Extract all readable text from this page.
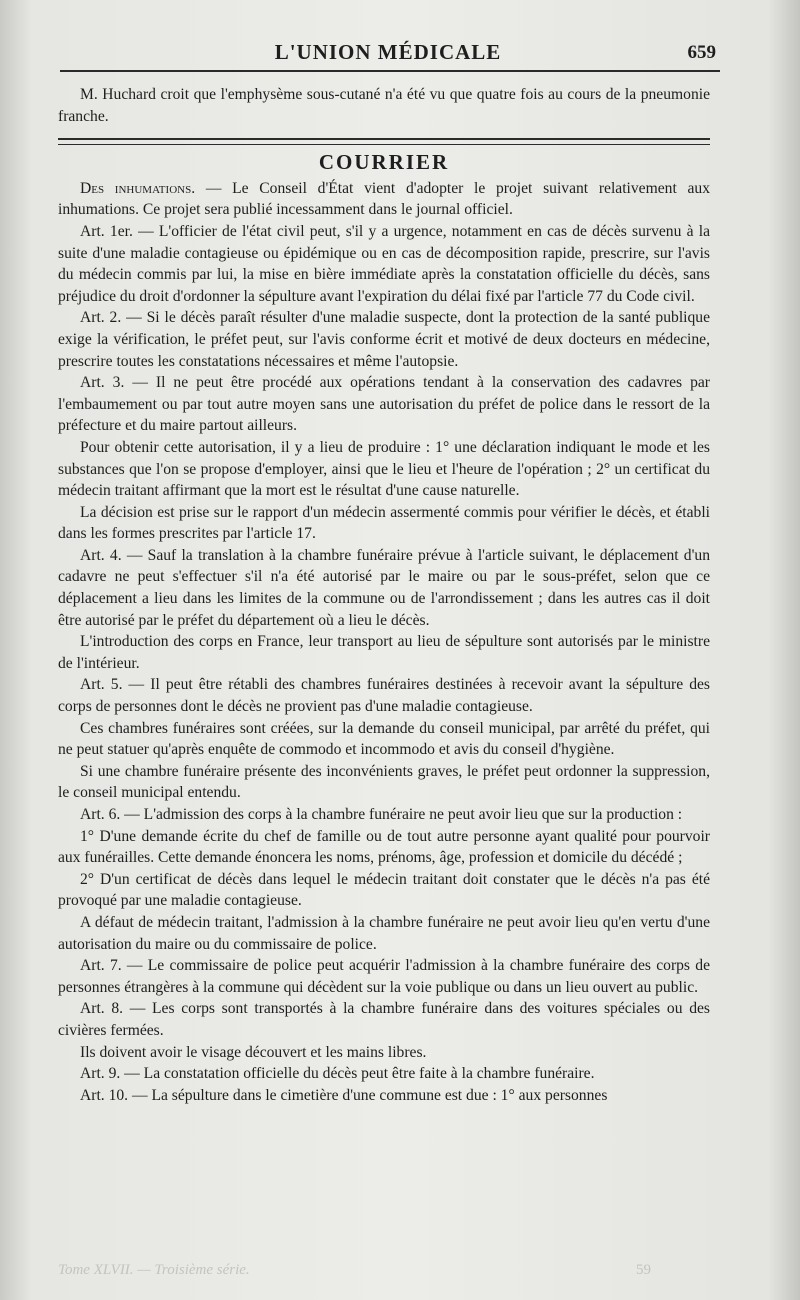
L'UNION MÉDICALE	659

M. Huchard croit que l'emphysème sous-cutané n'a été vu que quatre fois au cours de la pneumonie franche.

COURRIER

Des inhumations. — Le Conseil d'État vient d'adopter le projet suivant relativement aux inhumations. Ce projet sera publié incessamment dans le journal officiel.

Art. 1er. — L'officier de l'état civil peut, s'il y a urgence, notamment en cas de décès survenu à la suite d'une maladie contagieuse ou épidémique ou en cas de décomposition rapide, prescrire, sur l'avis du médecin commis par lui, la mise en bière immédiate après la constatation officielle du décès, sans préjudice du droit d'ordonner la sépulture avant l'expiration du délai fixé par l'article 77 du Code civil.

Art. 2. — Si le décès paraît résulter d'une maladie suspecte, dont la protection de la santé publique exige la vérification, le préfet peut, sur l'avis conforme écrit et motivé de deux docteurs en médecine, prescrire toutes les constatations nécessaires et même l'autopsie.

Art. 3. — Il ne peut être procédé aux opérations tendant à la conservation des cadavres par l'embaumement ou par tout autre moyen sans une autorisation du préfet de police dans le ressort de la préfecture et du maire partout ailleurs.

Pour obtenir cette autorisation, il y a lieu de produire : 1° une déclaration indiquant le mode et les substances que l'on se propose d'employer, ainsi que le lieu et l'heure de l'opération ; 2° un certificat du médecin traitant affirmant que la mort est le résultat d'une cause naturelle.

La décision est prise sur le rapport d'un médecin assermenté commis pour vérifier le décès, et établi dans les formes prescrites par l'article 17.

Art. 4. — Sauf la translation à la chambre funéraire prévue à l'article suivant, le déplacement d'un cadavre ne peut s'effectuer s'il n'a été autorisé par le maire ou par le sous-préfet, selon que ce déplacement a lieu dans les limites de la commune ou de l'arrondissement ; dans les autres cas il doit être autorisé par le préfet du département où a lieu le décès.

L'introduction des corps en France, leur transport au lieu de sépulture sont autorisés par le ministre de l'intérieur.

Art. 5. — Il peut être rétabli des chambres funéraires destinées à recevoir avant la sépulture des corps de personnes dont le décès ne provient pas d'une maladie contagieuse.

Ces chambres funéraires sont créées, sur la demande du conseil municipal, par arrêté du préfet, qui ne peut statuer qu'après enquête de commodo et incommodo et avis du conseil d'hygiène.

Si une chambre funéraire présente des inconvénients graves, le préfet peut ordonner la suppression, le conseil municipal entendu.

Art. 6. — L'admission des corps à la chambre funéraire ne peut avoir lieu que sur la production :

1° D'une demande écrite du chef de famille ou de tout autre personne ayant qualité pour pourvoir aux funérailles. Cette demande énoncera les noms, prénoms, âge, profession et domicile du décédé ;

2° D'un certificat de décès dans lequel le médecin traitant doit constater que le décès n'a pas été provoqué par une maladie contagieuse.

A défaut de médecin traitant, l'admission à la chambre funéraire ne peut avoir lieu qu'en vertu d'une autorisation du maire ou du commissaire de police.

Art. 7. — Le commissaire de police peut acquérir l'admission à la chambre funéraire des corps de personnes étrangères à la commune qui décèdent sur la voie publique ou dans un lieu ouvert au public.

Art. 8. — Les corps sont transportés à la chambre funéraire dans des voitures spéciales ou des civières fermées.

Ils doivent avoir le visage découvert et les mains libres.

Art. 9. — La constatation officielle du décès peut être faite à la chambre funéraire.

Art. 10. — La sépulture dans le cimetière d'une commune est due : 1° aux personnes

Tome XLVII. — Troisième série.	59
